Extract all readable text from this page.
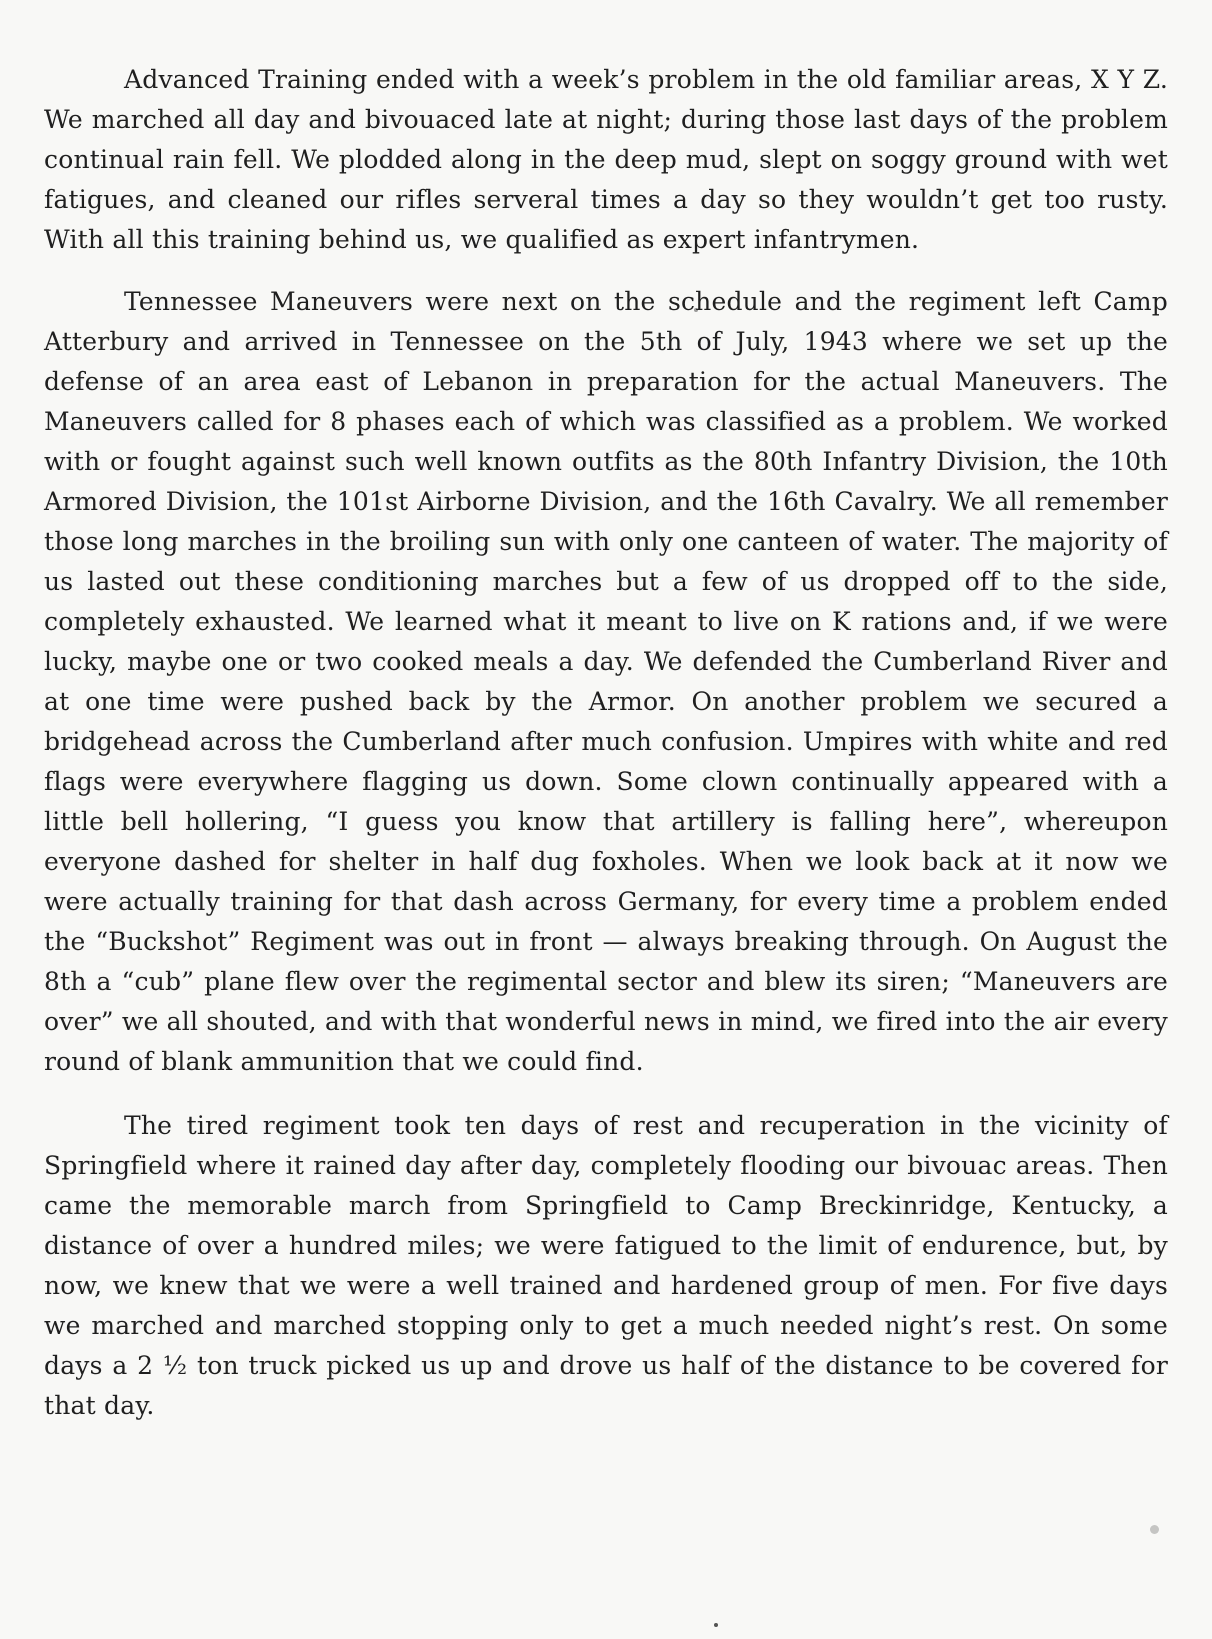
Advanced Training ended with a week’s problem in the old familiar areas, X Y Z. We marched all day and bivouaced late at night; during those last days of the problem continual rain fell. We plodded along in the deep mud, slept on soggy ground with wet fatigues, and cleaned our rifles serveral times a day so they wouldn’t get too rusty. With all this training behind us, we qualified as expert infantrymen.

Tennessee Maneuvers were next on the schedule and the regiment left Camp Atterbury and arrived in Tennessee on the 5th of July, 1943 where we set up the defense of an area east of Lebanon in preparation for the actual Maneuvers. The Maneuvers called for 8 phases each of which was classified as a problem. We worked with or fought against such well known outfits as the 80th Infantry Division, the 10th Armored Division, the 101st Airborne Division, and the 16th Cavalry. We all remember those long marches in the broiling sun with only one canteen of water. The majority of us lasted out these conditioning marches but a few of us dropped off to the side, completely exhausted. We learned what it meant to live on K rations and, if we were lucky, maybe one or two cooked meals a day. We defended the Cumberland River and at one time were pushed back by the Armor. On another problem we secured a bridgehead across the Cumberland after much confusion. Umpires with white and red flags were everywhere flagging us down. Some clown continually appeared with a little bell hollering, “I guess you know that artillery is falling here”, whereupon everyone dashed for shelter in half dug foxholes. When we look back at it now we were actually training for that dash across Germany, for every time a problem ended the “Buckshot” Regiment was out in front — always breaking through. On August the 8th a “cub” plane flew over the regimental sector and blew its siren; “Maneuvers are over” we all shouted, and with that wonderful news in mind, we fired into the air every round of blank ammunition that we could find.

The tired regiment took ten days of rest and recuperation in the vicinity of Springfield where it rained day after day, completely flooding our bivouac areas. Then came the memorable march from Springfield to Camp Breckinridge, Kentucky, a distance of over a hundred miles; we were fatigued to the limit of endurence, but, by now, we knew that we were a well trained and hardened group of men. For five days we marched and marched stopping only to get a much needed night’s rest. On some days a 2 ½ ton truck picked us up and drove us half of the distance to be covered for that day.
